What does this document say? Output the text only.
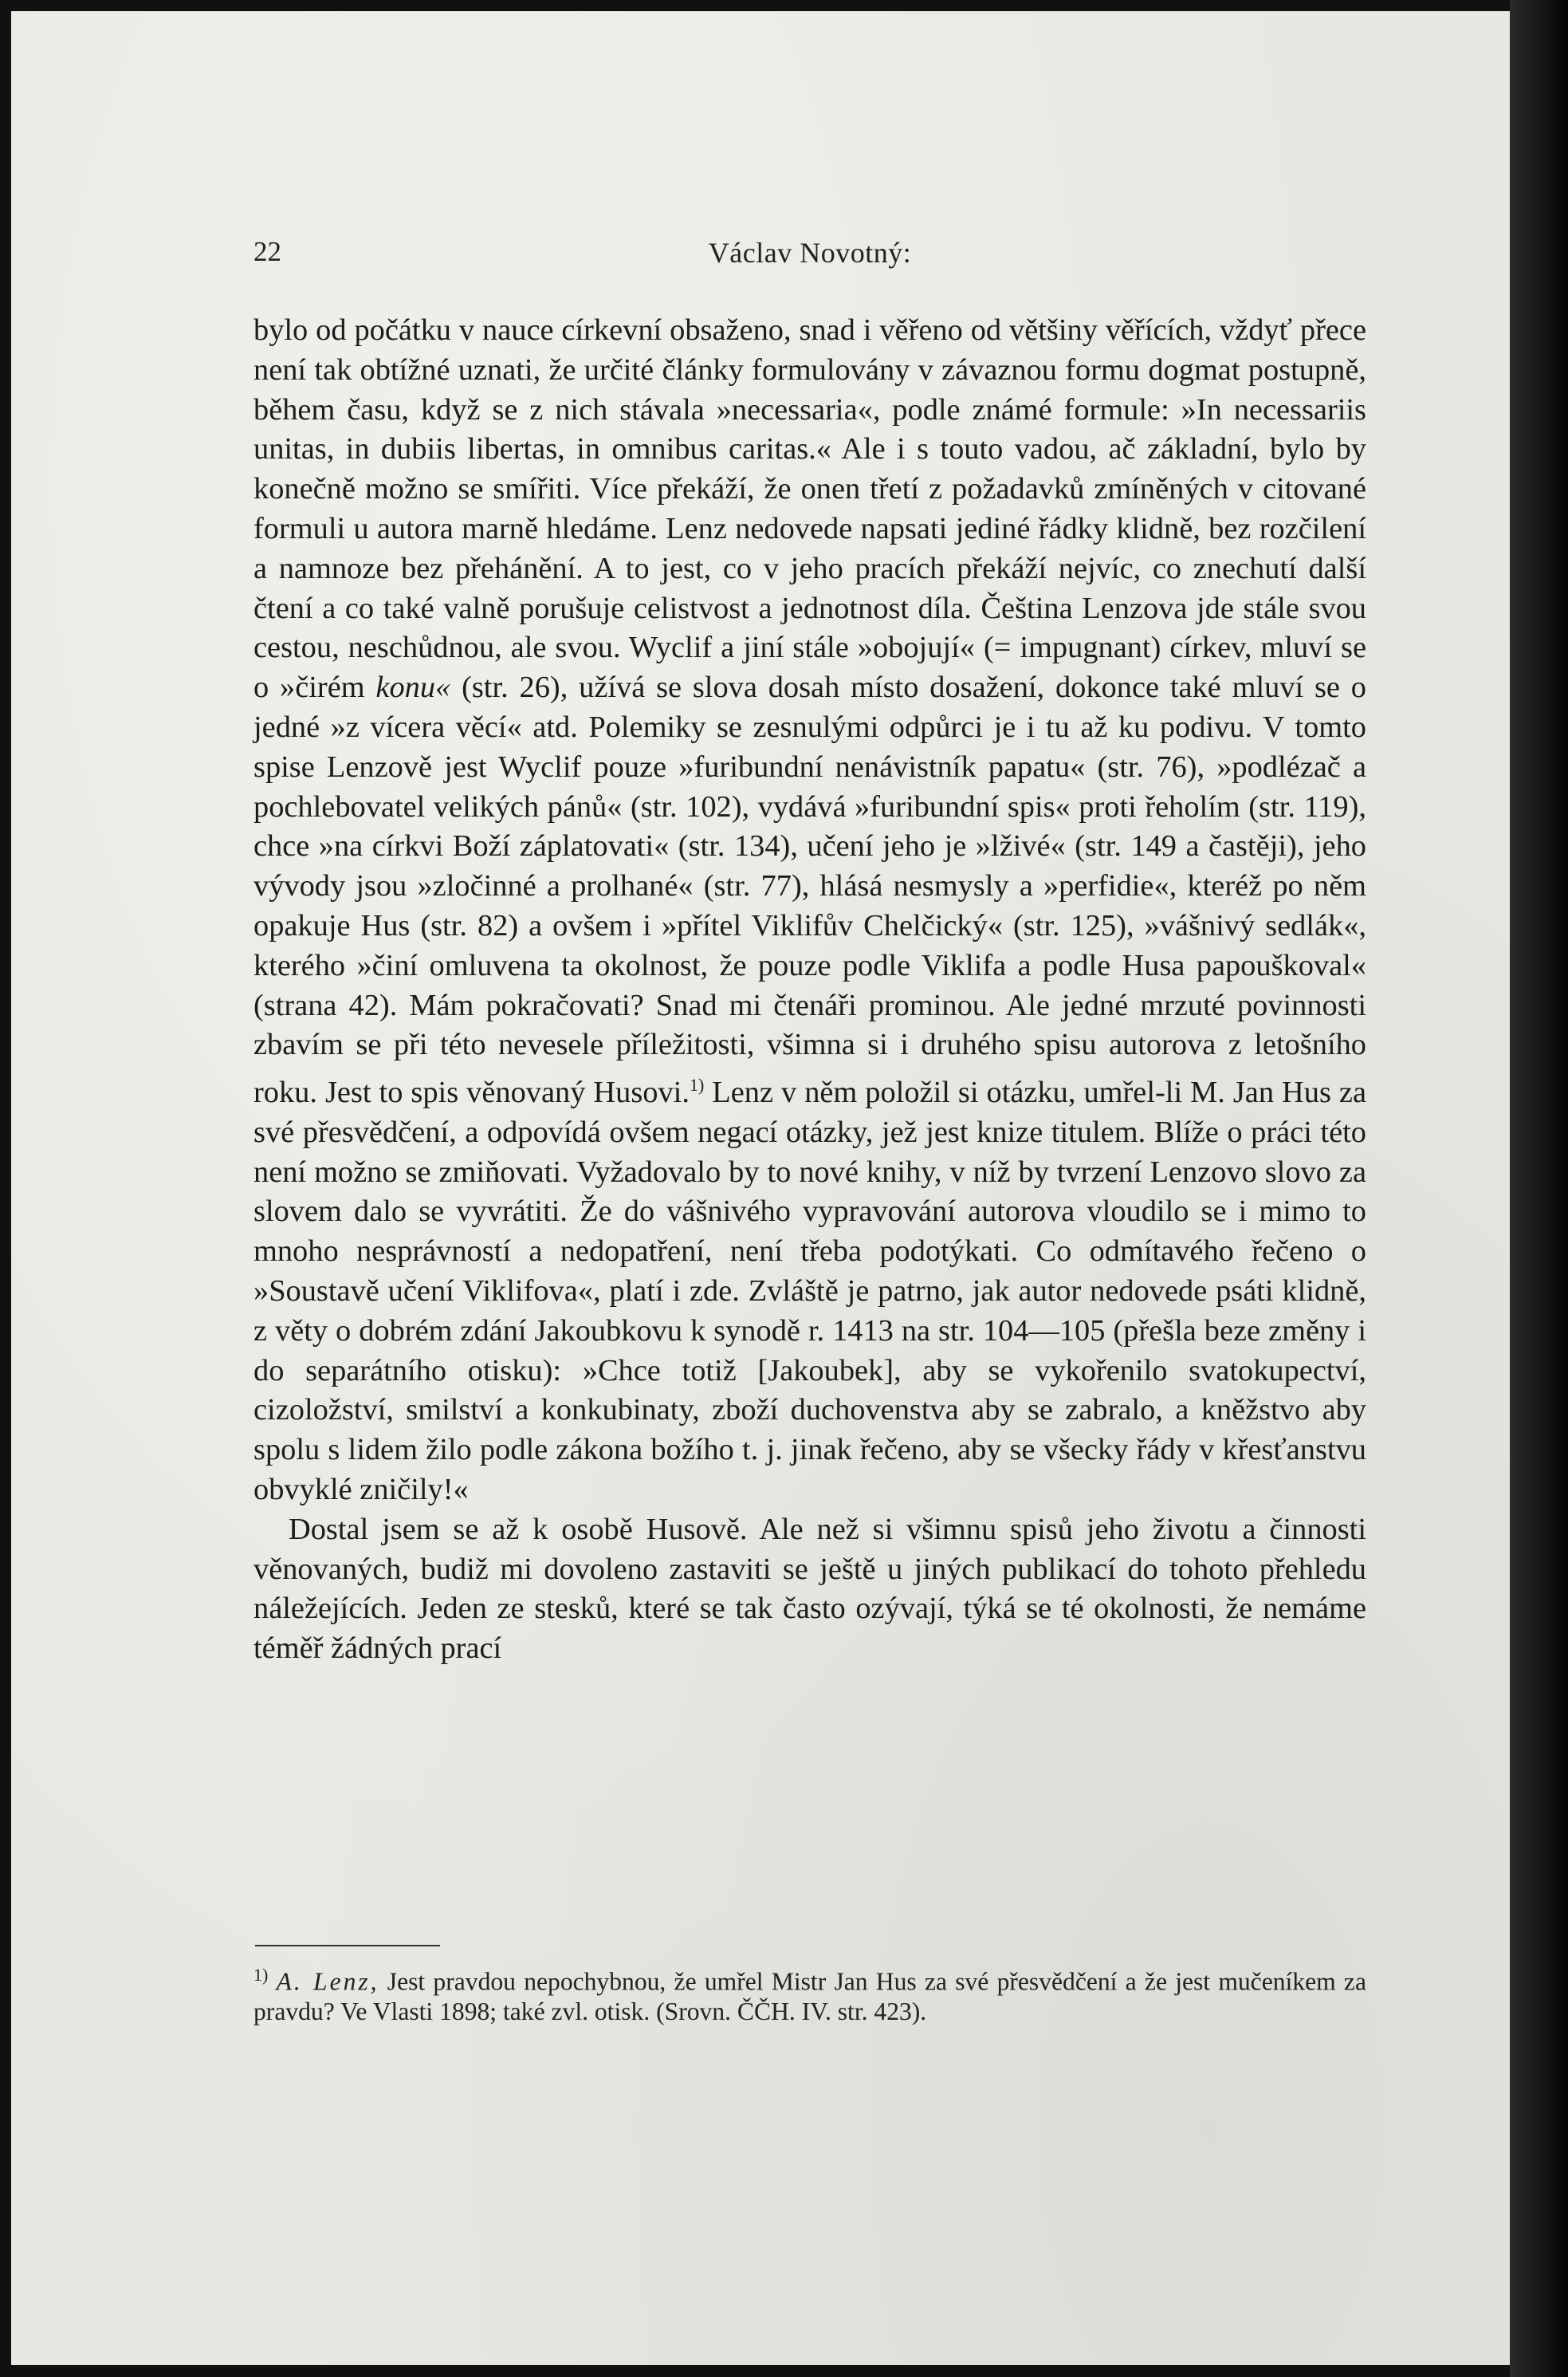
22	Václav Novotný:

bylo od počátku v nauce církevní obsaženo, snad i věřeno od většiny věřících, vždyť přece není tak obtížné uznati, že určité články formulovány v závaznou formu dogmat postupně, během času, když se z nich stávala »necessaria«, podle známé formule: »In necessariis unitas, in dubiis libertas, in omnibus caritas.« Ale i s touto vadou, ač základní, bylo by konečně možno se smířiti. Více překáží, že onen třetí z požadavků zmíněných v citované formuli u autora marně hledáme. Lenz nedovede napsati jediné řádky klidně, bez rozčilení a namnoze bez přehánění. A to jest, co v jeho pracích překáží nejvíc, co znechutí další čtení a co také valně porušuje celistvost a jednotnost díla. Čeština Lenzova jde stále svou cestou, neschůdnou, ale svou. Wyclif a jiní stále »obojují« (= impugnant) církev, mluví se o »čirém konu« (str. 26), užívá se slova dosah místo dosažení, dokonce také mluví se o jedné »z vícera věcí« atd. Polemiky se zesnulými odpůrci je i tu až ku podivu. V tomto spise Lenzově jest Wyclif pouze »furibundní nenávistník papatu« (str. 76), »podlézač a pochlebovatel velikých pánů« (str. 102), vydává »furibundní spis« proti řeholím (str. 119), chce »na církvi Boží záplatovati« (str. 134), učení jeho je »lživé« (str. 149 a častěji), jeho vývody jsou »zločinné a prolhané« (str. 77), hlásá nesmysly a »perfidie«, kteréž po něm opakuje Hus (str. 82) a ovšem i »přítel Viklifův Chelčický« (str. 125), »vášnivý sedlák«, kterého »činí omluvena ta okolnost, že pouze podle Viklifa a podle Husa papouškoval« (strana 42). Mám pokračovati? Snad mi čtenáři prominou. Ale jedné mrzuté povinnosti zbavím se při této nevesele příležitosti, všimna si i druhého spisu autorova z letošního roku. Jest to spis věnovaný Husovi.$^{1)}$ Lenz v něm položil si otázku, umřel-li M. Jan Hus za své přesvědčení, a odpovídá ovšem negací otázky, jež jest knize titulem. Blíže o práci této není možno se zmiňovati. Vyžadovalo by to nové knihy, v níž by tvrzení Lenzovo slovo za slovem dalo se vyvrátiti. Že do vášnivého vypravování autorova vloudilo se i mimo to mnoho nesprávností a nedopatření, není třeba podotýkati. Co odmítavého řečeno o »Soustavě učení Viklifova«, platí i zde. Zvláště je patrno, jak autor nedovede psáti klidně, z věty o dobrém zdání Jakoubkovu k synodě r. 1413 na str. 104—105 (přešla beze změny i do separátního otisku): »Chce totiž [Jakoubek], aby se vykořenilo svatokupectví, cizoložství, smilství a konkubinaty, zboží duchovenstva aby se zabralo, a kněžstvo aby spolu s lidem žilo podle zákona božího t. j. jinak řečeno, aby se všecky řády v křesťanstvu obvyklé zničily!«

Dostal jsem se až k osobě Husově. Ale než si všimnu spisů jeho životu a činnosti věnovaných, budiž mi dovoleno zastaviti se ještě u jiných publikací do tohoto přehledu náležejících. Jeden ze stesků, které se tak často ozývají, týká se té okolnosti, že nemáme téměř žádných prací

$^{1)}$ A. Lenz, Jest pravdou nepochybnou, že umřel Mistr Jan Hus za své přesvědčení a že jest mučeníkem za pravdu? Ve Vlasti 1898; také zvl. otisk. (Srovn. ČČH. IV. str. 423).
